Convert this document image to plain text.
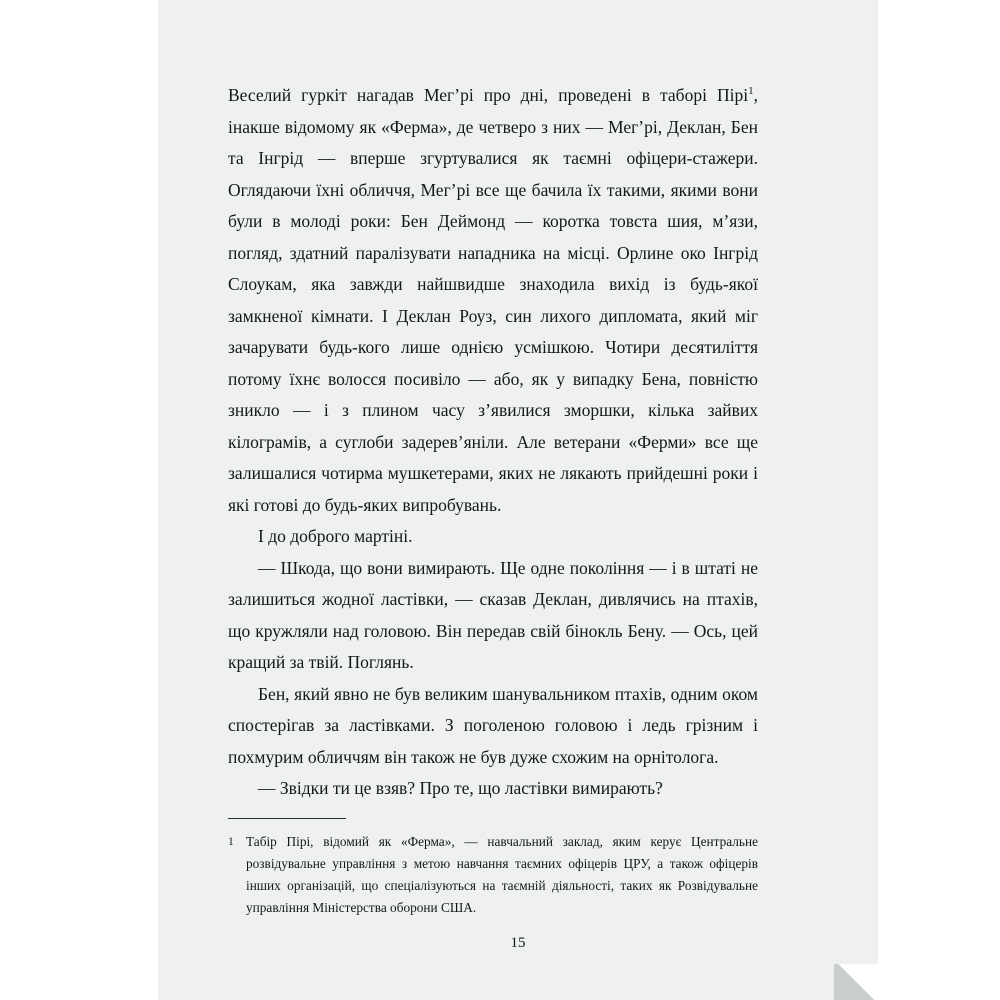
Веселий гуркіт нагадав Мег’рі про дні, проведені в таборі Пірі$^1$, інакше відомому як «Ферма», де четверо з них — Мег’рі, Деклан, Бен та Інгрід — вперше згуртувалися як таємні офіцери-стажери. Оглядаючи їхні обличчя, Мег’рі все ще бачила їх такими, якими вони були в молоді роки: Бен Деймонд — коротка товста шия, м’язи, погляд, здатний паралізувати нападника на місці. Орлине око Інгрід Слоукам, яка завжди найшвидше знаходила вихід із будь-якої замкненої кімнати. І Деклан Роуз, син лихого дипломата, який міг зачарувати будь-кого лише однією усмішкою. Чотири десятиліття потому їхнє волосся посивіло — або, як у випадку Бена, повністю зникло — і з плином часу з’явилися зморшки, кілька зайвих кілограмів, а суглоби задерев’яніли. Але ветерани «Ферми» все ще залишалися чотирма мушкетерами, яких не лякають прийдешні роки і які готові до будь-яких випробувань.

І до доброго мартіні.

— Шкода, що вони вимирають. Ще одне покоління — і в штаті не залишиться жодної ластівки, — сказав Деклан, дивлячись на птахів, що кружляли над головою. Він передав свій бінокль Бену. — Ось, цей кращий за твій. Поглянь.

Бен, який явно не був великим шанувальником птахів, одним оком спостерігав за ластівками. З поголеною головою і ледь грізним і похмурим обличчям він також не був дуже схожим на орнітолога.

— Звідки ти це взяв? Про те, що ластівки вимирають?

1 Табір Пірі, відомий як «Ферма», — навчальний заклад, яким керує Центральне розвідувальне управління з метою навчання таємних офіцерів ЦРУ, а також офіцерів інших організацій, що спеціалізуються на таємній діяльності, таких як Розвідувальне управління Міністерства оборони США.
15
